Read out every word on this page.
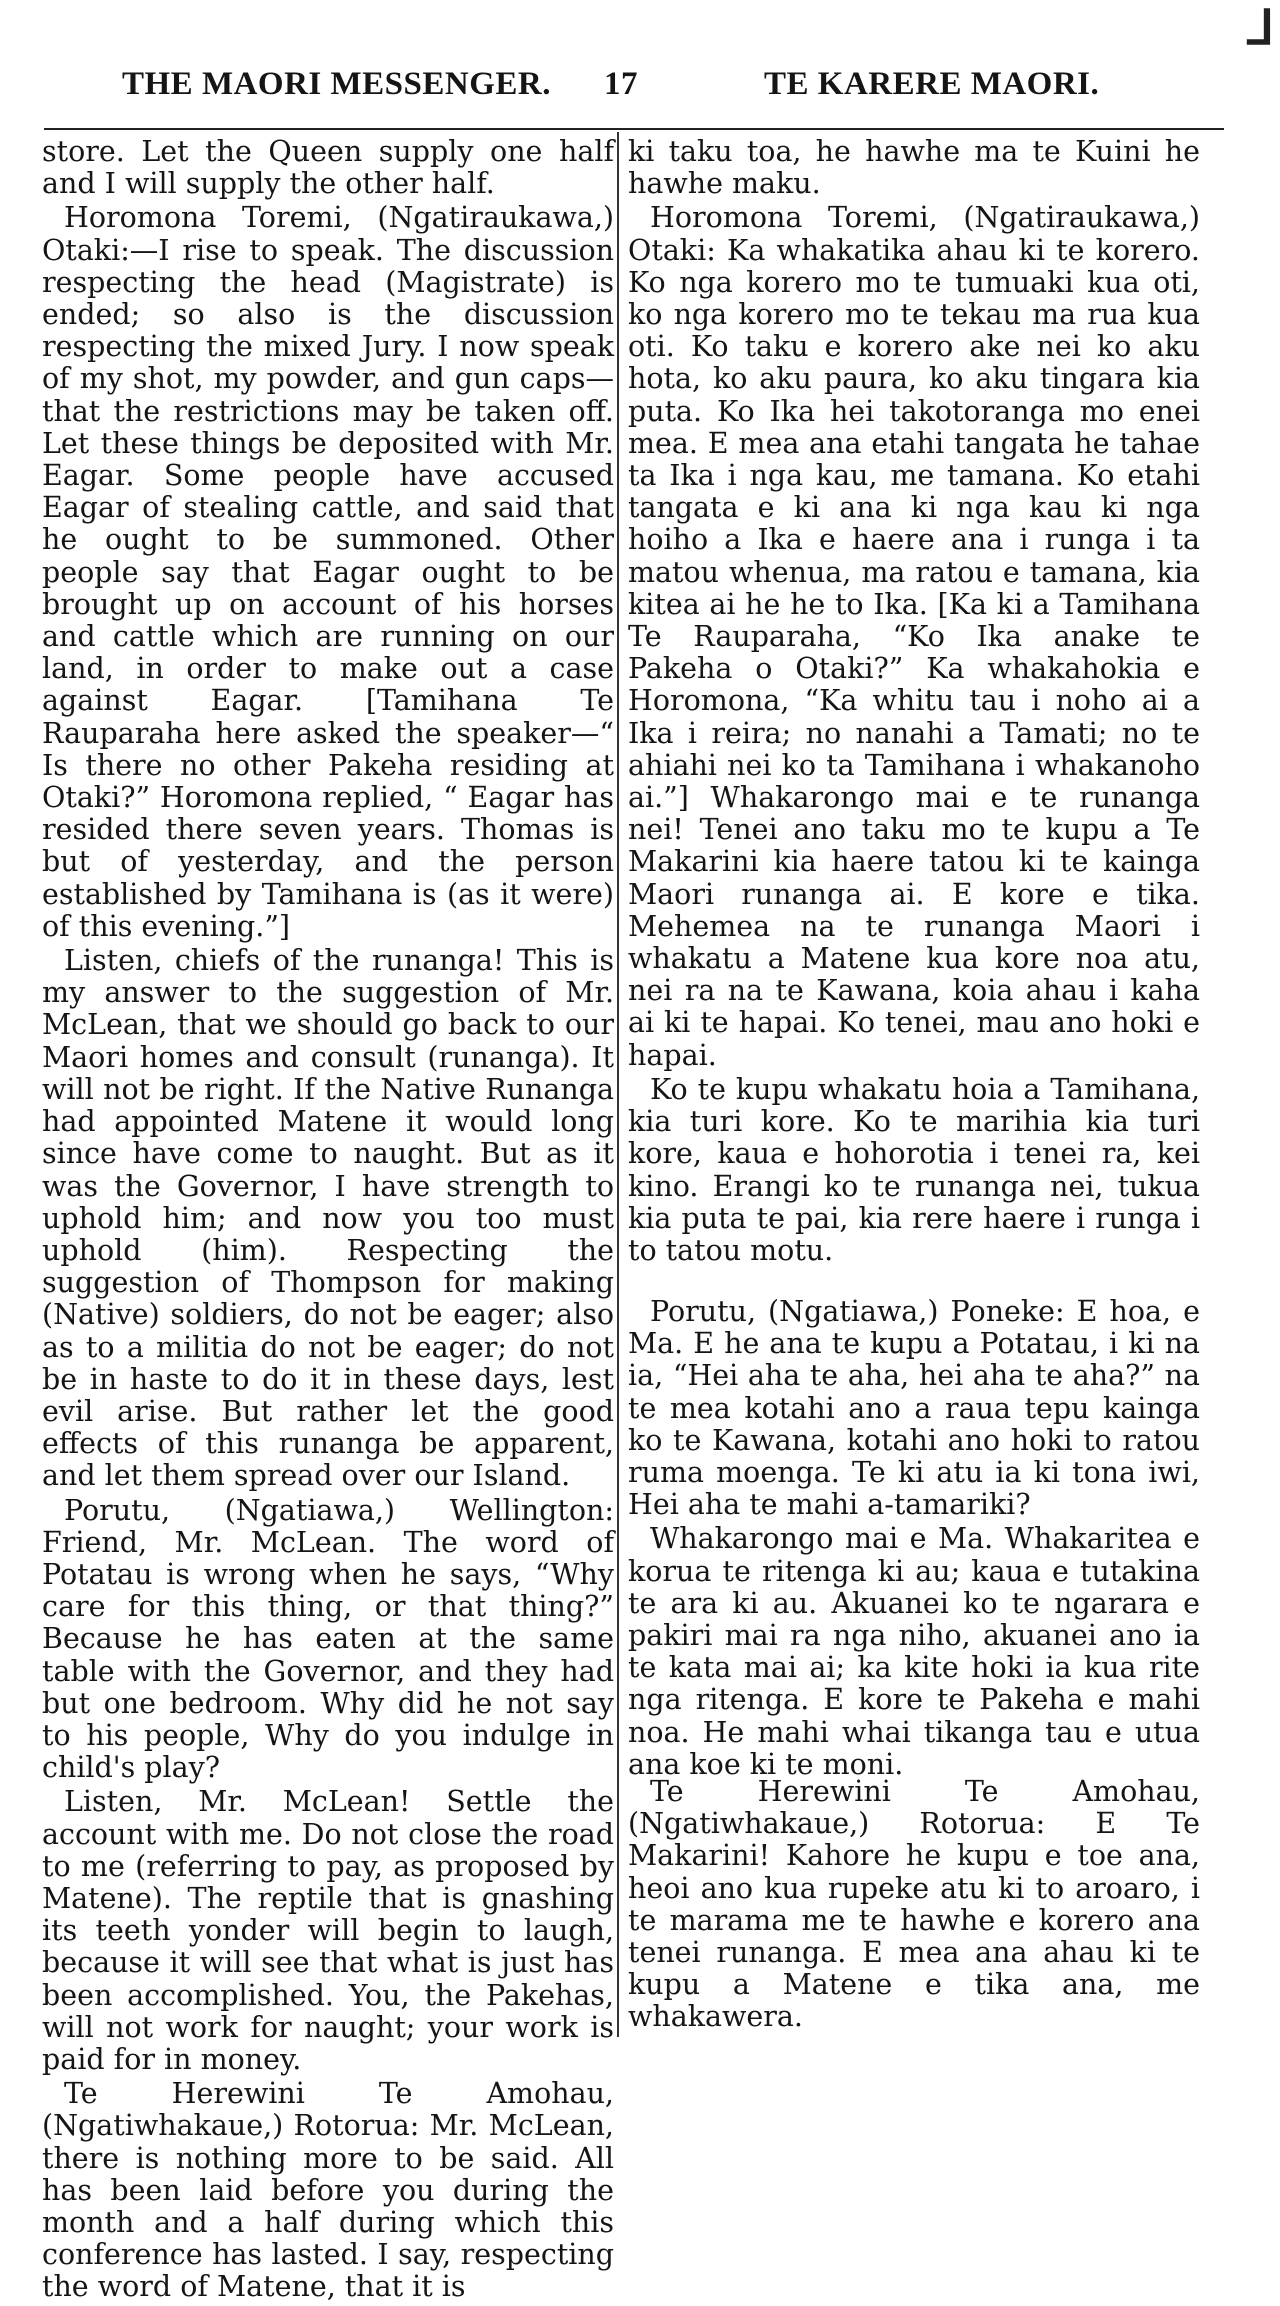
THE MAORI MESSENGER. 17	TE KARERE MAORI.
ᒧ

store. Let the Queen supply one half and I will supply the other half.

Horomona Toremi, (Ngatiraukawa,) Otaki:—I rise to speak. The discussion respecting the head (Magistrate) is ended; so also is the discussion respecting the mixed Jury. I now speak of my shot, my powder, and gun caps—that the restrictions may be taken off. Let these things be deposited with Mr. Eagar. Some people have accused Eagar of stealing cattle, and said that he ought to be summoned. Other people say that Eagar ought to be brought up on account of his horses and cattle which are running on our land, in order to make out a case against Eagar. [Tamihana Te Rauparaha here asked the speaker—“ Is there no other Pakeha residing at Otaki?” Horomona replied, “ Eagar has resided there seven years. Thomas is but of yesterday, and the person established by Tamihana is (as it were) of this evening.”]

Listen, chiefs of the runanga! This is my answer to the suggestion of Mr. McLean, that we should go back to our Maori homes and consult (runanga). It will not be right. If the Native Runanga had appointed Matene it would long since have come to naught. But as it was the Governor, I have strength to uphold him; and now you too must uphold (him). Respecting the suggestion of Thompson for making (Native) soldiers, do not be eager; also as to a militia do not be eager; do not be in haste to do it in these days, lest evil arise. But rather let the good effects of this runanga be apparent, and let them spread over our Island.

Porutu, (Ngatiawa,) Wellington: Friend, Mr. McLean. The word of Potatau is wrong when he says, “Why care for this thing, or that thing?” Because he has eaten at the same table with the Governor, and they had but one bedroom. Why did he not say to his people, Why do you indulge in child's play?

Listen, Mr. McLean! Settle the account with me. Do not close the road to me (referring to pay, as proposed by Matene). The reptile that is gnashing its teeth yonder will begin to laugh, because it will see that what is just has been accomplished. You, the Pakehas, will not work for naught; your work is paid for in money.

Te Herewini Te Amohau, (Ngatiwhakaue,) Rotorua: Mr. McLean, there is nothing more to be said. All has been laid before you during the month and a half during which this conference has lasted. I say, respecting the word of Matene, that it is

ki taku toa, he hawhe ma te Kuini he hawhe maku.

Horomona Toremi, (Ngatiraukawa,) Otaki: Ka whakatika ahau ki te korero. Ko nga korero mo te tumuaki kua oti, ko nga korero mo te tekau ma rua kua oti. Ko taku e korero ake nei ko aku hota, ko aku paura, ko aku tingara kia puta. Ko Ika hei takotoranga mo enei mea. E mea ana etahi tangata he tahae ta Ika i nga kau, me tamana. Ko etahi tangata e ki ana ki nga kau ki nga hoiho a Ika e haere ana i runga i ta matou whenua, ma ratou e tamana, kia kitea ai he he to Ika. [Ka ki a Tamihana Te Rauparaha, “Ko Ika anake te Pakeha o Otaki?” Ka whakahokia e Horomona, “Ka whitu tau i noho ai a Ika i reira; no nanahi a Tamati; no te ahiahi nei ko ta Tamihana i whakanoho ai.”] Whakarongo mai e te runanga nei! Tenei ano taku mo te kupu a Te Makarini kia haere tatou ki te kainga Maori runanga ai. E kore e tika. Mehemea na te runanga Maori i whakatu a Matene kua kore noa atu, nei ra na te Kawana, koia ahau i kaha ai ki te hapai. Ko tenei, mau ano hoki e hapai.

Ko te kupu whakatu hoia a Tamihana, kia turi kore. Ko te marihia kia turi kore, kaua e hohorotia i tenei ra, kei kino. Erangi ko te runanga nei, tukua kia puta te pai, kia rere haere i runga i to tatou motu.

Porutu, (Ngatiawa,) Poneke: E hoa, e Ma. E he ana te kupu a Potatau, i ki na ia, “Hei aha te aha, hei aha te aha?” na te mea kotahi ano a raua tepu kainga ko te Kawana, kotahi ano hoki to ratou ruma moenga. Te ki atu ia ki tona iwi, Hei aha te mahi a-tamariki?

Whakarongo mai e Ma. Whakaritea e korua te ritenga ki au; kaua e tutakina te ara ki au. Akuanei ko te ngarara e pakiri mai ra nga niho, akuanei ano ia te kata mai ai; ka kite hoki ia kua rite nga ritenga. E kore te Pakeha e mahi noa. He mahi whai tikanga tau e utua ana koe ki te moni.

Te Herewini Te Amohau, (Ngatiwhakaue,) Rotorua: E Te Makarini! Kahore he kupu e toe ana, heoi ano kua rupeke atu ki to aroaro, i te marama me te hawhe e korero ana tenei runanga. E mea ana ahau ki te kupu a Matene e tika ana, me whakawera.
